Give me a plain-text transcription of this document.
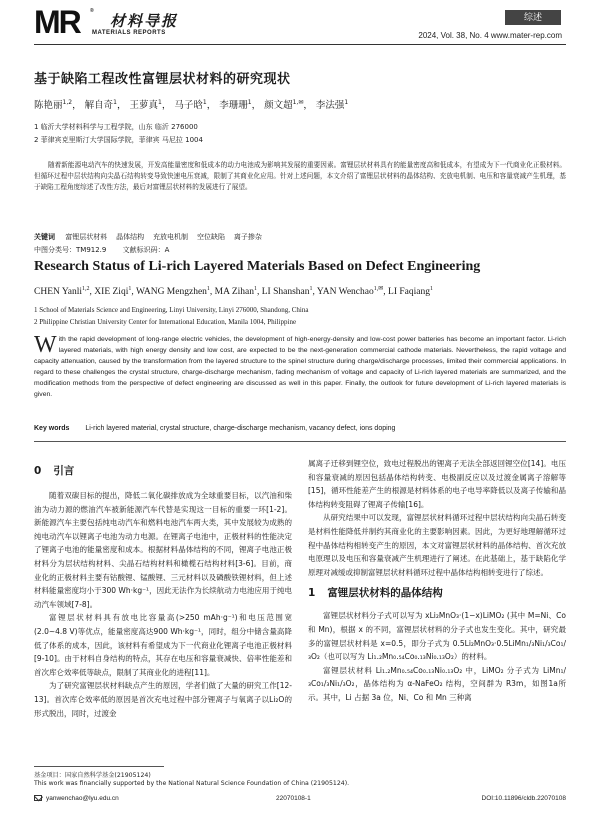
MR ®
材料导报
MATERIALS REPORTS
综述
2024, Vol. 38, No. 4 www.mater-rep.com
基于缺陷工程改性富锂层状材料的研究现状
陈艳丽$^{1,2}$， 解自奇$^1$， 王萝真$^1$， 马子晗$^1$， 李珊珊$^1$， 颜文超$^{1,✉}$， 李法强$^1$
1 临沂大学材料科学与工程学院，山东 临沂 276000
2 菲律宾克里斯汀大学国际学院，菲律宾 马尼拉 1004
随着新能源电动汽车的快速发展，开发高能量密度和低成本的动力电池成为影响其发展的重要因素。富锂层状材料具有的能量密度高和低成本，有望成为下一代商业化正极材料。但循环过程中层状结构向尖晶石结构转变导致快速电压衰减，限制了其商业化应用。针对上述问题，本文介绍了富锂层状材料的晶体结构、充放电机制、电压和容量衰减产生机理，基于缺陷工程角度综述了改性方法，最后对富锂层状材料的发展进行了展望。
关键词 富锂层状材料 晶体结构 充放电机制 空位缺陷 离子掺杂
中图分类号：TM912.9 文献标识码：A
Research Status of Li-rich Layered Materials Based on Defect Engineering
CHEN Yanli$^{1,2}$, XIE Ziqi$^1$, WANG Mengzhen$^1$, MA Zihan$^1$, LI Shanshan$^1$, YAN Wenchao$^{1,✉}$, LI Faqiang$^1$
1 School of Materials Science and Engineering, Linyi University, Linyi 276000, Shandong, China
2 Philippine Christian University Center for International Education, Manila 1004, Philippine
With the rapid development of long-range electric vehicles, the development of high-energy-density and low-cost power batteries has become an important factor. Li-rich layered materials, with high energy density and low cost, are expected to be the next-generation commercial cathode materials. Nevertheless, the rapid voltage and capacity attenuation, caused by the transformation from the layered structure to the spinel structure during charge/discharge processes, limited their commercial applications. In regard to these challenges the crystal structure, charge-discharge mechanism, fading mechanism of voltage and capacity of Li-rich layered materials are summarized, and the modification methods from the perspective of defect engineering are discussed as well in this paper. Finally, the outlook for future development of Li-rich layered materials is given.
Key words Li-rich layered material, crystal structure, charge-discharge mechanism, vacancy defect, ions doping
0 引言

随着双碳目标的提出，降低二氧化碳排放成为全球重要目标，以汽油和柴油为动力源的燃油汽车被新能源汽车代替是实现这一目标的重要一环[1-2]。新能源汽车主要包括纯电动汽车和燃料电池汽车两大类，其中发展较为成熟的纯电动汽车以锂离子电池为动力电源。在锂离子电池中，正极材料的性能决定了锂离子电池的能量密度和成本。根据材料晶体结构的不同，锂离子电池正极材料分为层状结构材料、尖晶石结构材料和橄榄石结构材料[3-6]。目前，商业化的正极材料主要有钴酸锂、锰酸锂、三元材料以及磷酸铁锂材料，但上述材料能量密度均小于300 Wh·kg⁻¹，因此无法作为长续航动力电池应用于纯电动汽车领域[7-8]。

富锂层状材料具有放电比容量高(>250 mAh·g⁻¹)和电压范围宽(2.0~4.8 V)等优点，能量密度高达900 Wh·kg⁻¹，同时，组分中储含量高降低了体系的成本，因此，该材料有希望成为下一代商业化锂离子电池正极材料[9-10]。由于材料自身结构的特点，其存在电压和容量衰减快、倍率性能差和首次库仑效率低等缺点，限制了其商业化的进程[11]。

为了研究富锂层状材料缺点产生的原因，学者们做了大量的研究工作[12-13]。首次库仑效率低的原因是首次充电过程中部分锂离子与氧离子以Li₂O的形式脱出，同时，过渡金

属离子迁移到锂空位，致电过程脱出的锂离子无法全部返回锂空位[14]。电压和容量衰减的原因包括晶体结构转变、电极副反应以及过渡金属离子溶解等[15]，循环性能差产生的根源是材料体系的电子电导率降低以及离子传输和晶体结构转变阻碍了锂离子传输[16]。

从研究结果中可以发现，富锂层状材料循环过程中层状结构向尖晶石转变是材料性能降低并制约其商业化的主要影响因素。因此，为更好地理解循环过程中晶体结构相转变产生的原因，本文对富锂层状材料的晶体结构、首次充放电原理以及电压和容量衰减产生机理进行了阐述。在此基础上，基于缺陷化学原理对减缓或抑制富锂层状材料循环过程中晶体结构相转变进行了综述。

1 富锂层状材料的晶体结构

富锂层状材料分子式可以写为 xLi₂MnO₃·(1−x)LiMO₂ (其中 M=Ni、Co 和 Mn)，根据 x 的不同，富锂层状材料的分子式也发生变化。其中，研究最多的富锂层状材料是 x=0.5，即分子式为 0.5Li₂MnO₃·0.5LiMn₁/₃Ni₁/₃Co₁/₃O₂（也可以写为 Li₁.₂Mn₀.₅₄Co₀.₁₃Ni₀.₁₃O₂）的材料。

富锂层状材料 Li₁.₂Mn₀.₅₄Co₀.₁₃Ni₀.₁₃O₂ 中，LiMO₂ 分子式为 LiMn₁/₃Co₁/₃Ni₁/₃O₂，晶体结构为 α-NaFeO₂ 结构，空间群为 R3m，如图1a所示。其中，Li 占据 3a 位，Ni、Co 和 Mn 三种离

基金项目：国家自然科学基金(21905124)
This work was financially supported by the National Natural Science Foundation of China (21905124).
yanwenchao@lyu.edu.cn	22070108-1	DOI:10.11896/cldb.22070108
